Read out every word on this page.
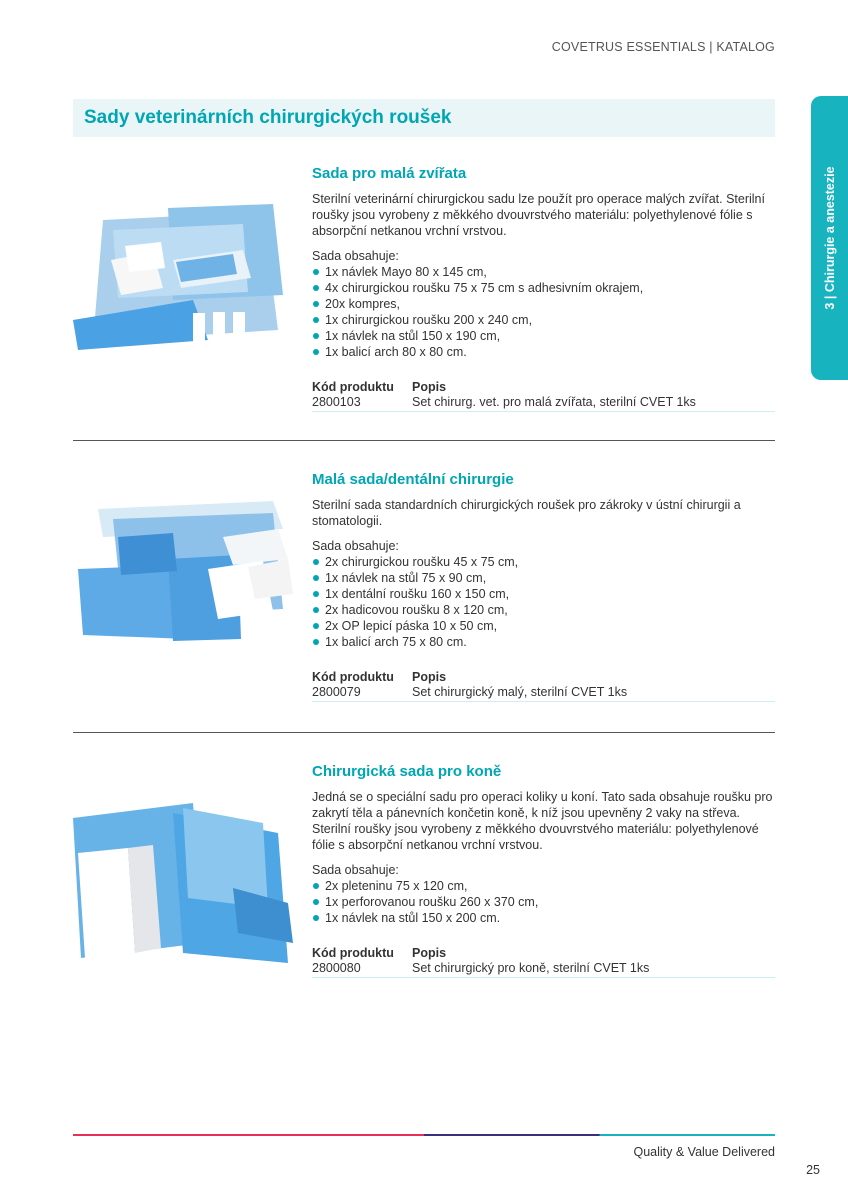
COVETRUS ESSENTIALS | KATALOG
Sady veterinárních chirurgických roušek
3 | Chirurgie a anestezie
Sada pro malá zvířata

Sterilní veterinární chirurgickou sadu lze použít pro operace malých zvířat. Sterilní roušky jsou vyrobeny z měkkého dvouvrstvého materiálu: polyethylenové fólie s absorpční netkanou vrchní vrstvou.

Sada obsahuje:
1x návlek Mayo 80 x 145 cm,
4x chirurgickou roušku 75 x 75 cm s adhesivním okrajem,
20x kompres,
1x chirurgickou roušku 200 x 240 cm,
1x návlek na stůl 150 x 190 cm,
1x balicí arch 80 x 80 cm.
Kód produktu	Popis
2800103	Set chirurg. vet. pro malá zvířata, sterilní CVET 1ks
Malá sada/dentální chirurgie

Sterilní sada standardních chirurgických roušek pro zákroky v ústní chirurgii a stomatologii.

Sada obsahuje:
2x chirurgickou roušku 45 x 75 cm,
1x návlek na stůl 75 x 90 cm,
1x dentální roušku 160 x 150 cm,
2x hadicovou roušku 8 x 120 cm,
2x OP lepicí páska 10 x 50 cm,
1x balicí arch 75 x 80 cm.
Kód produktu	Popis
2800079	Set chirurgický malý, sterilní CVET 1ks
Chirurgická sada pro koně

Jedná se o speciální sadu pro operaci koliky u koní. Tato sada obsahuje roušku pro zakrytí těla a pánevních končetin koně, k níž jsou upevněny 2 vaky na střeva. Sterilní roušky jsou vyrobeny z měkkého dvouvrstvého materiálu: polyethylenové fólie s absorpční netkanou vrchní vrstvou.

Sada obsahuje:
2x pleteninu 75 x 120 cm,
1x perforovanou roušku 260 x 370 cm,
1x návlek na stůl 150 x 200 cm.
Kód produktu	Popis
2800080	Set chirurgický pro koně, sterilní CVET 1ks
Quality & Value Delivered
25
